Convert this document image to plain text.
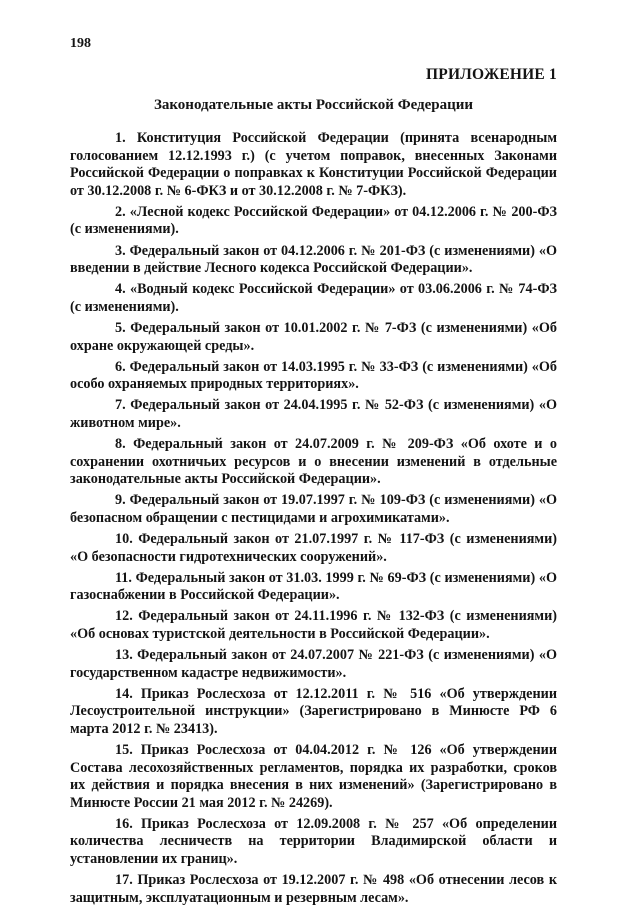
198
ПРИЛОЖЕНИЕ 1
Законодательные акты Российской Федерации
1. Конституция Российской Федерации (принята всенародным голосованием 12.12.1993 г.) (с учетом поправок, внесенных Законами Российской Федерации о поправках к Конституции Российской Федерации от 30.12.2008 г. № 6-ФКЗ и от 30.12.2008 г. № 7-ФКЗ).
2. «Лесной кодекс Российской Федерации» от 04.12.2006 г. № 200-ФЗ (с изменениями).
3. Федеральный закон от 04.12.2006 г. № 201-ФЗ (с изменениями) «О введении в действие Лесного кодекса Российской Федерации».
4. «Водный кодекс Российской Федерации» от 03.06.2006 г. № 74-ФЗ (с изменениями).
5. Федеральный закон от 10.01.2002 г. № 7-ФЗ (с изменениями) «Об охране окружающей среды».
6. Федеральный закон от 14.03.1995 г. № 33-ФЗ (с изменениями) «Об особо охраняемых природных территориях».
7. Федеральный закон от 24.04.1995 г. № 52-ФЗ (с изменениями) «О животном мире».
8. Федеральный закон от 24.07.2009 г. № 209-ФЗ «Об охоте и о сохранении охотничьих ресурсов и о внесении изменений в отдельные законодательные акты Российской Федерации».
9. Федеральный закон от 19.07.1997 г. № 109-ФЗ (с изменениями) «О безопасном обращении с пестицидами и агрохимикатами».
10. Федеральный закон от 21.07.1997 г. № 117-ФЗ (с изменениями) «О безопасности гидротехнических сооружений».
11. Федеральный закон от 31.03. 1999 г. № 69-ФЗ (с изменениями) «О газоснабжении в Российской Федерации».
12. Федеральный закон от 24.11.1996 г. № 132-ФЗ (с изменениями) «Об основах туристской деятельности в Российской Федерации».
13. Федеральный закон от 24.07.2007 № 221-ФЗ (с изменениями) «О государственном кадастре недвижимости».
14. Приказ Рослесхоза от 12.12.2011 г. № 516 «Об утверждении Лесоустроительной инструкции» (Зарегистрировано в Минюсте РФ 6 марта 2012 г. № 23413).
15. Приказ Рослесхоза от 04.04.2012 г. № 126 «Об утверждении Состава лесохозяйственных регламентов, порядка их разработки, сроков их действия и порядка внесения в них изменений» (Зарегистрировано в Минюсте России 21 мая 2012 г. № 24269).
16. Приказ Рослесхоза от 12.09.2008 г. № 257 «Об определении количества лесничеств на территории Владимирской области и установлении их границ».
17. Приказ Рослесхоза от 19.12.2007 г. № 498 «Об отнесении лесов к защитным, эксплуатационным и резервным лесам».
